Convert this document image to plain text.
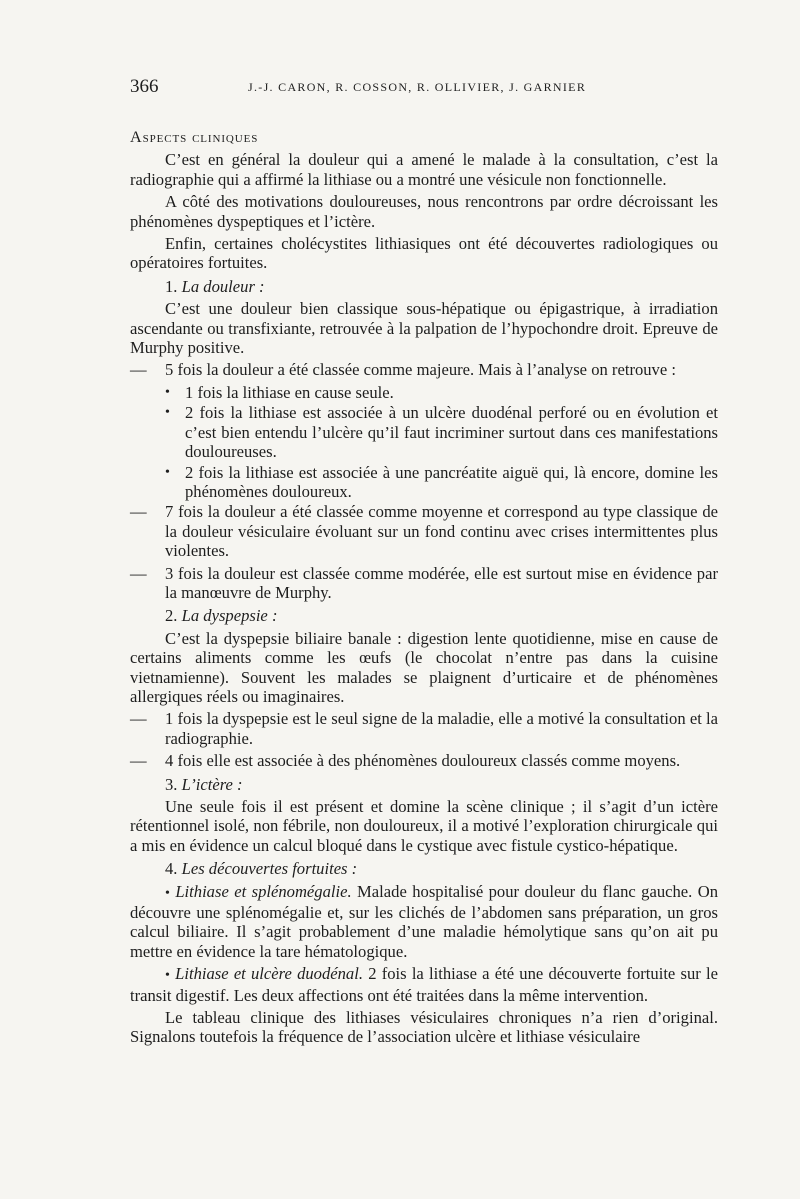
366	J.-J. CARON, R. COSSON, R. OLLIVIER, J. GARNIER
Aspects cliniques

C’est en général la douleur qui a amené le malade à la consultation, c’est la radiographie qui a affirmé la lithiase ou a montré une vésicule non fonctionnelle.

A côté des motivations douloureuses, nous rencontrons par ordre décroissant les phénomènes dyspeptiques et l’ictère.

Enfin, certaines cholécystites lithiasiques ont été découvertes radiologiques ou opératoires fortuites.

1. La douleur :

C’est une douleur bien classique sous-hépatique ou épigastrique, à irradiation ascendante ou transfixiante, retrouvée à la palpation de l’hypochondre droit. Epreuve de Murphy positive.

— 5 fois la douleur a été classée comme majeure. Mais à l’analyse on retrouve :
• 1 fois la lithiase en cause seule.
• 2 fois la lithiase est associée à un ulcère duodénal perforé ou en évolution et c’est bien entendu l’ulcère qu’il faut incriminer surtout dans ces manifestations douloureuses.
• 2 fois la lithiase est associée à une pancréatite aiguë qui, là encore, domine les phénomènes douloureux.
— 7 fois la douleur a été classée comme moyenne et correspond au type classique de la douleur vésiculaire évoluant sur un fond continu avec crises intermittentes plus violentes.
— 3 fois la douleur est classée comme modérée, elle est surtout mise en évidence par la manœuvre de Murphy.
2. La dyspepsie :

C’est la dyspepsie biliaire banale : digestion lente quotidienne, mise en cause de certains aliments comme les œufs (le chocolat n’entre pas dans la cuisine vietnamienne). Souvent les malades se plaignent d’urticaire et de phénomènes allergiques réels ou imaginaires.

— 1 fois la dyspepsie est le seul signe de la maladie, elle a motivé la consultation et la radiographie.
— 4 fois elle est associée à des phénomènes douloureux classés comme moyens.
3. L’ictère :

Une seule fois il est présent et domine la scène clinique ; il s’agit d’un ictère rétentionnel isolé, non fébrile, non douloureux, il a motivé l’exploration chirurgicale qui a mis en évidence un calcul bloqué dans le cystique avec fistule cystico-hépatique.

4. Les découvertes fortuites :
• Lithiase et splénomégalie. Malade hospitalisé pour douleur du flanc gauche. On découvre une splénomégalie et, sur les clichés de l’abdomen sans préparation, un gros calcul biliaire. Il s’agit probablement d’une maladie hémolytique sans qu’on ait pu mettre en évidence la tare hématologique.
• Lithiase et ulcère duodénal. 2 fois la lithiase a été une découverte fortuite sur le transit digestif. Les deux affections ont été traitées dans la même intervention.

Le tableau clinique des lithiases vésiculaires chroniques n’a rien d’original. Signalons toutefois la fréquence de l’association ulcère et lithiase vésiculaire
